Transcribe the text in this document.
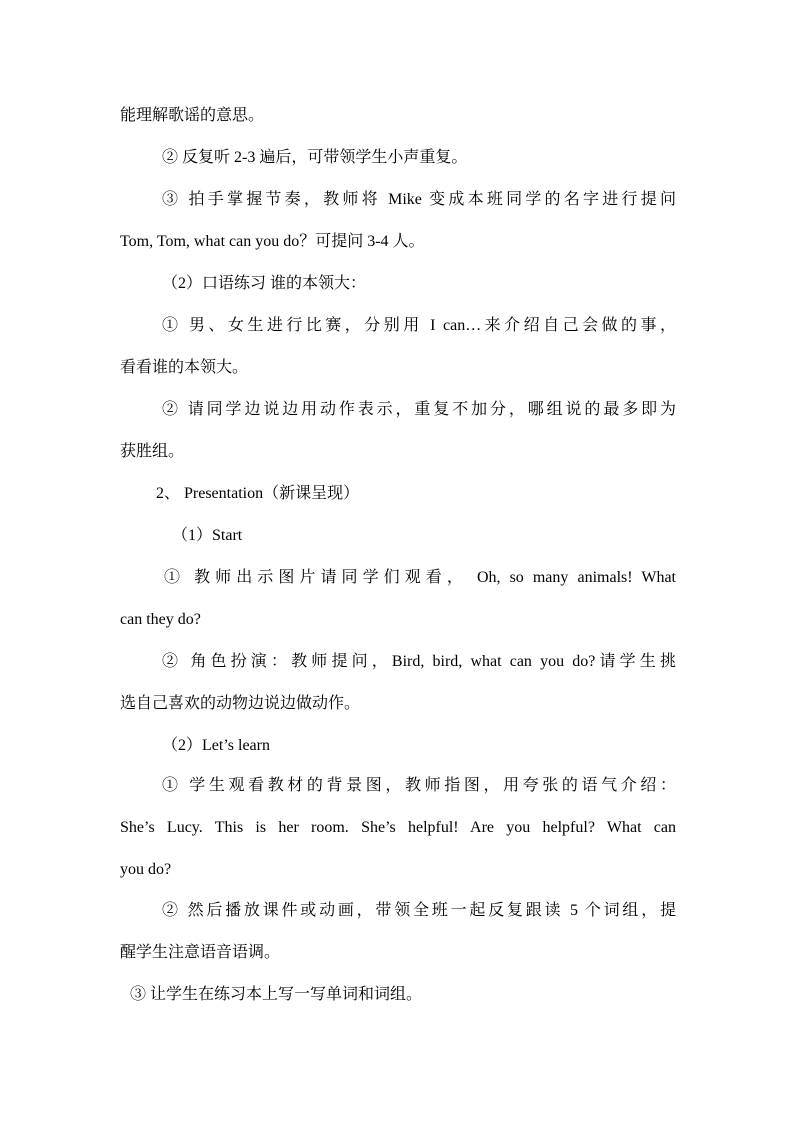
能理解歌谣的意思。
② 反复听 2-3 遍后，可带领学生小声重复。
③ 拍手掌握节奏，教师将 Mike 变成本班同学的名字进行提问
Tom, Tom, what can you do？可提问 3-4 人。
（2）口语练习 谁的本领大：
① 男、女生进行比赛，分别用 I can…来介绍自己会做的事，
看看谁的本领大。
② 请同学边说边用动作表示，重复不加分，哪组说的最多即为
获胜组。
2、 Presentation（新课呈现）
（1）Start
① 教师出示图片请同学们观看， Oh, so many animals! What
can they do?
② 角色扮演：教师提问，Bird, bird, what can you do?请学生挑
选自己喜欢的动物边说边做动作。
（2）Let’s learn
① 学生观看教材的背景图，教师指图，用夸张的语气介绍：
She’s Lucy. This is her room. She’s helpful! Are you helpful? What can
you do?
② 然后播放课件或动画，带领全班一起反复跟读 5 个词组，提
醒学生注意语音语调。
③ 让学生在练习本上写一写单词和词组。
